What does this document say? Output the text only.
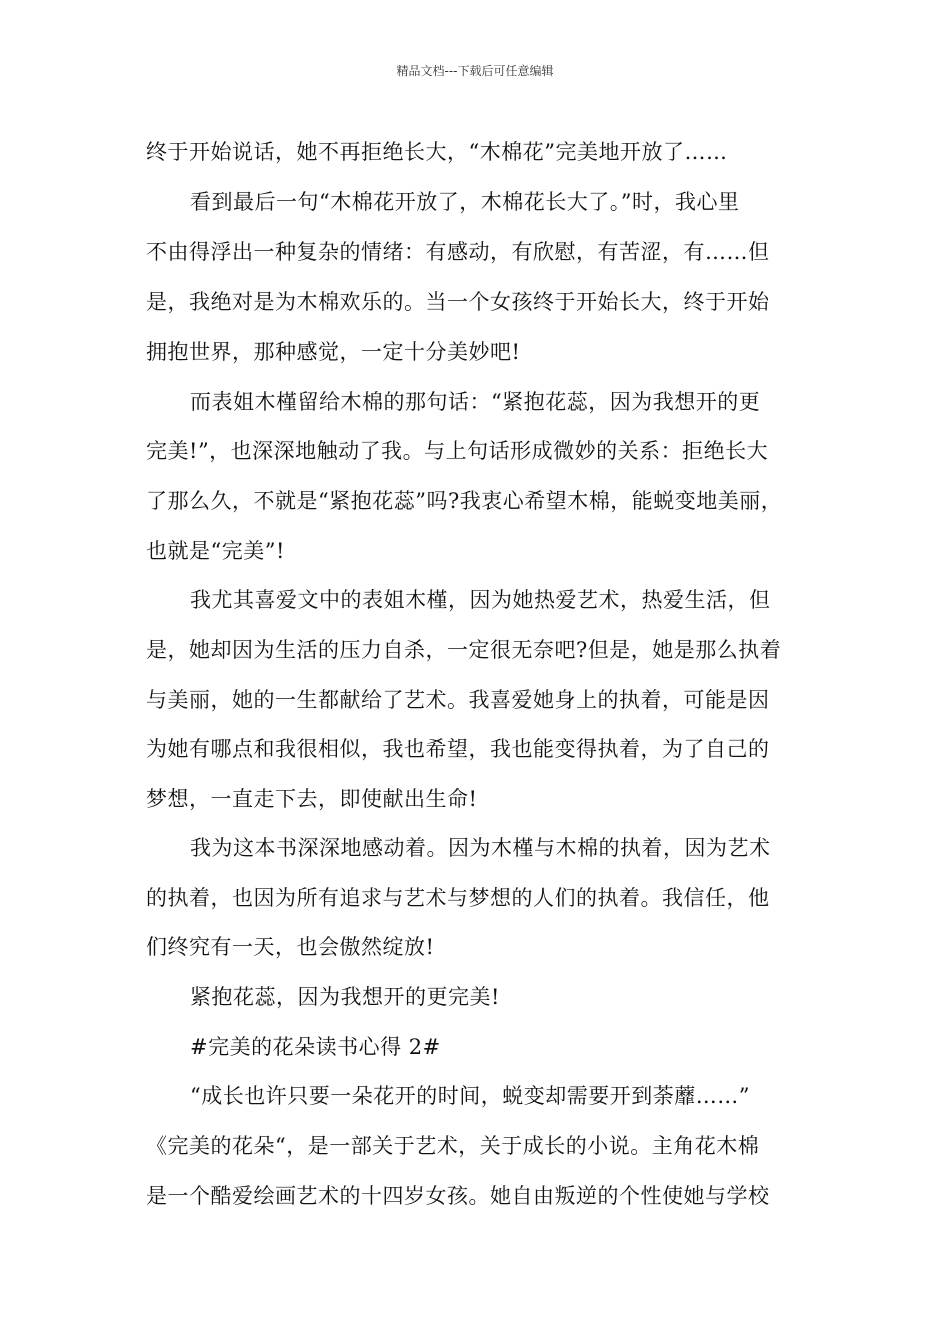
精品文档---下载后可任意编辑
终于开始说话，她不再拒绝长大，“木棉花”完美地开放了……
看到最后一句“木棉花开放了，木棉花长大了。”时，我心里
不由得浮出一种复杂的情绪：有感动，有欣慰，有苦涩，有……但
是，我绝对是为木棉欢乐的。当一个女孩终于开始长大，终于开始
拥抱世界，那种感觉，一定十分美妙吧!
而表姐木槿留给木棉的那句话：“紧抱花蕊，因为我想开的更
完美!”，也深深地触动了我。与上句话形成微妙的关系：拒绝长大
了那么久，不就是“紧抱花蕊”吗?我衷心希望木棉，能蜕变地美丽，
也就是“完美”!
我尤其喜爱文中的表姐木槿，因为她热爱艺术，热爱生活，但
是，她却因为生活的压力自杀，一定很无奈吧?但是，她是那么执着
与美丽，她的一生都献给了艺术。我喜爱她身上的执着，可能是因
为她有哪点和我很相似，我也希望，我也能变得执着，为了自己的
梦想，一直走下去，即使献出生命!
我为这本书深深地感动着。因为木槿与木棉的执着，因为艺术
的执着，也因为所有追求与艺术与梦想的人们的执着。我信任，他
们终究有一天，也会傲然绽放!
紧抱花蕊，因为我想开的更完美!
#完美的花朵读书心得 2#
“成长也许只要一朵花开的时间，蜕变却需要开到荼蘼……”
《完美的花朵“，是一部关于艺术，关于成长的小说。主角花木棉
是一个酷爱绘画艺术的十四岁女孩。她自由叛逆的个性使她与学校
